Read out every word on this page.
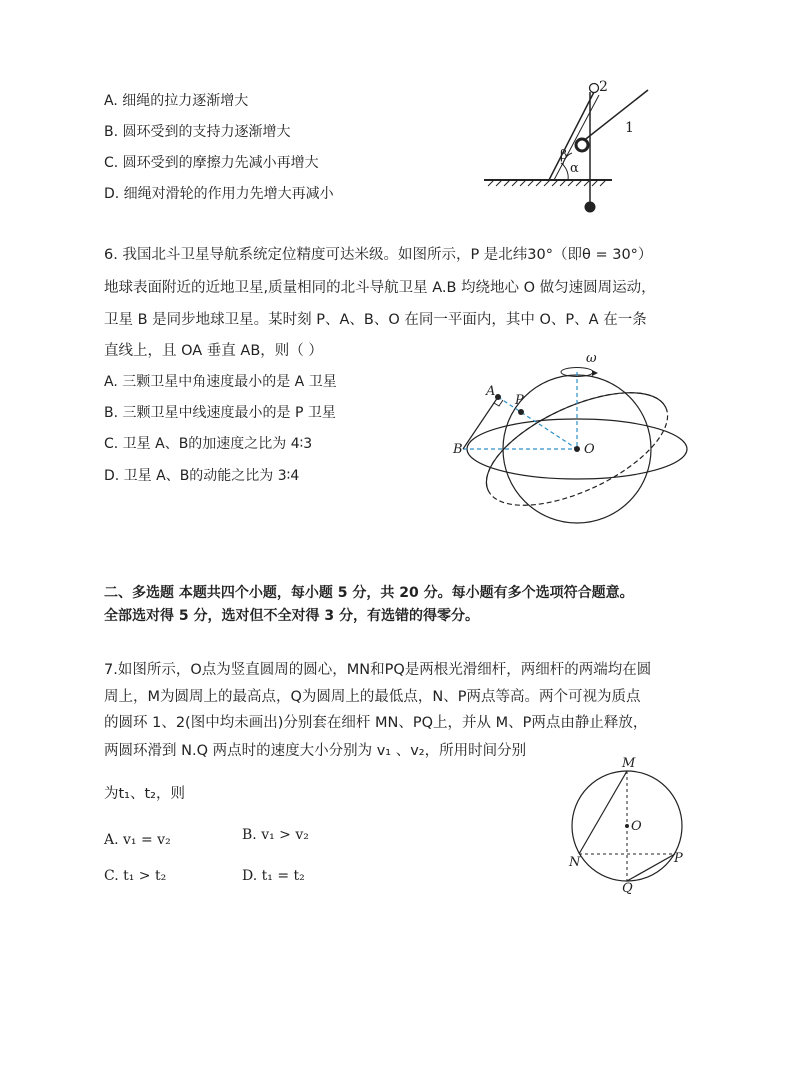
A. 细绳的拉力逐渐增大
B. 圆环受到的支持力逐渐增大
C. 圆环受到的摩擦力先减小再增大
D. 细绳对滑轮的作用力先增大再减小
2
1
β
α
6. 我国北斗卫星导航系统定位精度可达米级。如图所示，P 是北纬30°（即θ = 30°）
地球表面附近的近地卫星,质量相同的北斗导航卫星 A.B 均绕地心 O 做匀速圆周运动，
卫星 B 是同步地球卫星。某时刻 P、A、B、O 在同一平面内，其中 O、P、A 在一条
直线上，且 OA 垂直 AB，则（ ）
A. 三颗卫星中角速度最小的是 A 卫星
B. 三颗卫星中线速度最小的是 P 卫星
C. 卫星 A、B的加速度之比为 4∶3
D. 卫星 A、B的动能之比为 3∶4
ω
A
P
B	O
二、多选题 本题共四个小题，每小题 5 分，共 20 分。每小题有多个选项符合题意。
全部选对得 5 分，选对但不全对得 3 分，有选错的得零分。
7.如图所示，O点为竖直圆周的圆心，MN和PQ是两根光滑细杆，两细杆的两端均在圆
周上，M为圆周上的最高点，Q为圆周上的最低点，N、P两点等高。两个可视为质点
的圆环 1、2(图中均未画出)分别套在细杆 MN、PQ上，并从 M、P两点由静止释放，
两圆环滑到 N.Q 两点时的速度大小分别为 v₁ 、v₂，所用时间分别
为t₁、t₂，则
A. v₁ = v₂	B. v₁ > v₂
C. t₁ > t₂	D. t₁ = t₂
M
O
N	P
Q
